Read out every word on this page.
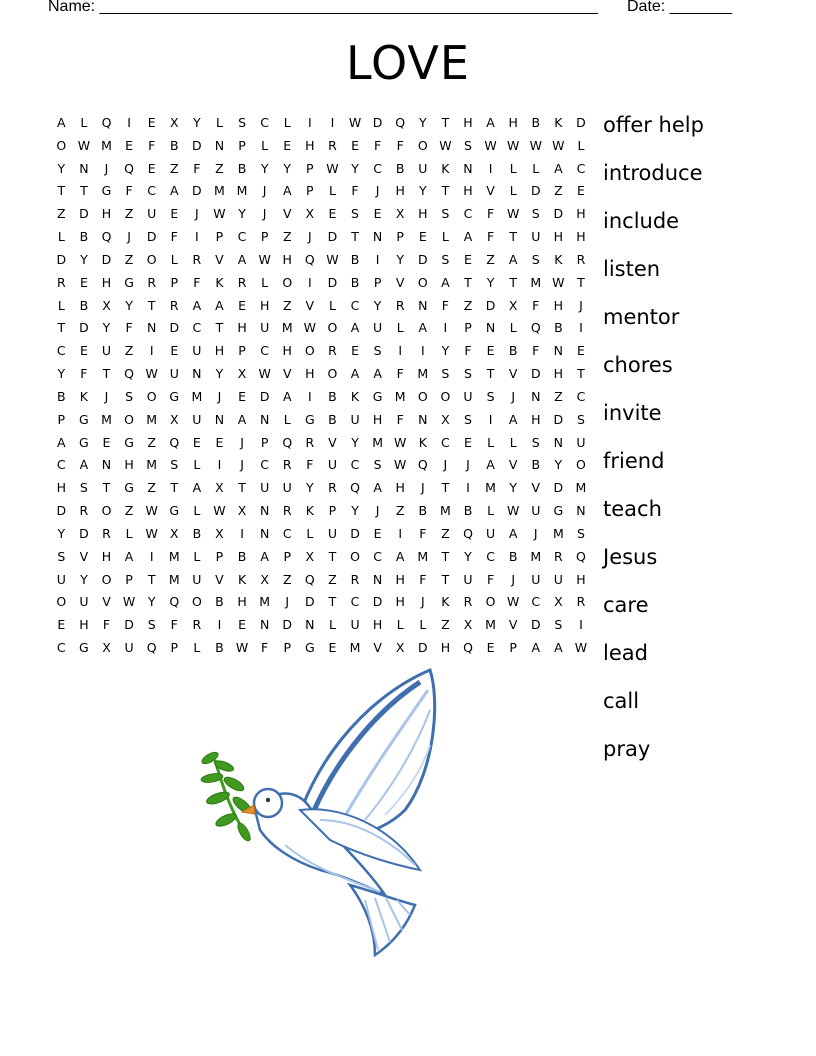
Name: ________________________________________________________ Date: _______
LOVE
A	L	Q	I	E	X	Y	L	S	C	L	I	I	W D	Q	Y	T	H	A	H	B	K	D
O W M	E	F	B	D	N	P	L	E	H	R	E	F	F	O W S W W W W	L
Y	N	J	Q	E	Z	F	Z	B	Y	Y	P	W	Y	C	B	U	K	N	I	L	L	A	C
T	T	G	F	C	A	D M M	J	A	P	L	F	J	H	Y	T	H	V	L	D	Z	E
Z	D	H	Z	U	E	J	W	Y	J	V	X	E	S	E	X	H	S	C	F	W S	D	H
L	B	Q	J	D	F	I	P	C	P	Z	J	D	T	N	P	E	L	A	F	T	U	H	H
D	Y	D	Z	O	L	R	V	A W H	Q W B	I	Y	D	S	E	Z	A	S	K	R
R	E	H	G	R	P	F	K	R	L	O	I	D	B	P	V	O	A	T	Y	T	M W	T
L	B	X	Y	T	R	A	A	E	H	Z	V	L	C	Y	R	N	F	Z	D	X	F	H	J
T	D	Y	F	N	D	C	T	H	U	M W O	A	U	L	A	I	P	N	L	Q	B	I
C	E	U	Z	I	E	U	H	P	C	H	O	R	E	S	I	I	Y	F	E	B	F	N	E
Y	F	T	Q W U	N	Y	X W V	H	O	A	A	F	M	S	S	T	V	D	H	T
B	K	J	S	O	G M	J	E	D	A	I	B	K	G M O	O	U	S	J	N	Z	C
P	G M O M	X	U	N	A	N	L	G	B	U	H	F	N	X	S	I	A	H	D	S
A	G	E	G	Z	Q	E	E	J	P	Q	R	V	Y	M W K	C	E	L	L	S	N	U
C	A	N	H M	S	L	I	J	C	R	F	U	C	S W Q	J	J	A	V	B	Y	O
H	S	T	G	Z	T	A	X	T	U	U	Y	R	Q	A	H	J	T	I	M	Y	V	D M
D	R	O	Z W G	L	W X	N	R	K	P	Y	J	Z	B	M	B	L	W U	G	N
Y	D	R	L	W X	B	X	I	N	C	L	U	D	E	I	F	Z	Q	U	A	J	M	S
S	V	H	A	I	M	L	P	B	A	P	X	T	O	C	A	M	T	Y	C	B	M	R	Q
U	Y	O	P	T	M	U	V	K	X	Z	Q	Z	R	N	H	F	T	U	F	J	U	U	H
O	U	V W	Y	Q	O	B	H M	J	D	T	C	D	H	J	K	R	O W C	X	R
E	H	F	D	S	F	R	I	E	N	D	N	L	U	H	L	L	Z	X	M	V	D	S	I
C	G	X	U	Q	P	L	B W	F	P	G	E	M	V	X	D	H	Q	E	P	A	A W
offer help
introduce
include
listen
mentor
chores
invite
friend
teach
Jesus
care
lead
call
pray
